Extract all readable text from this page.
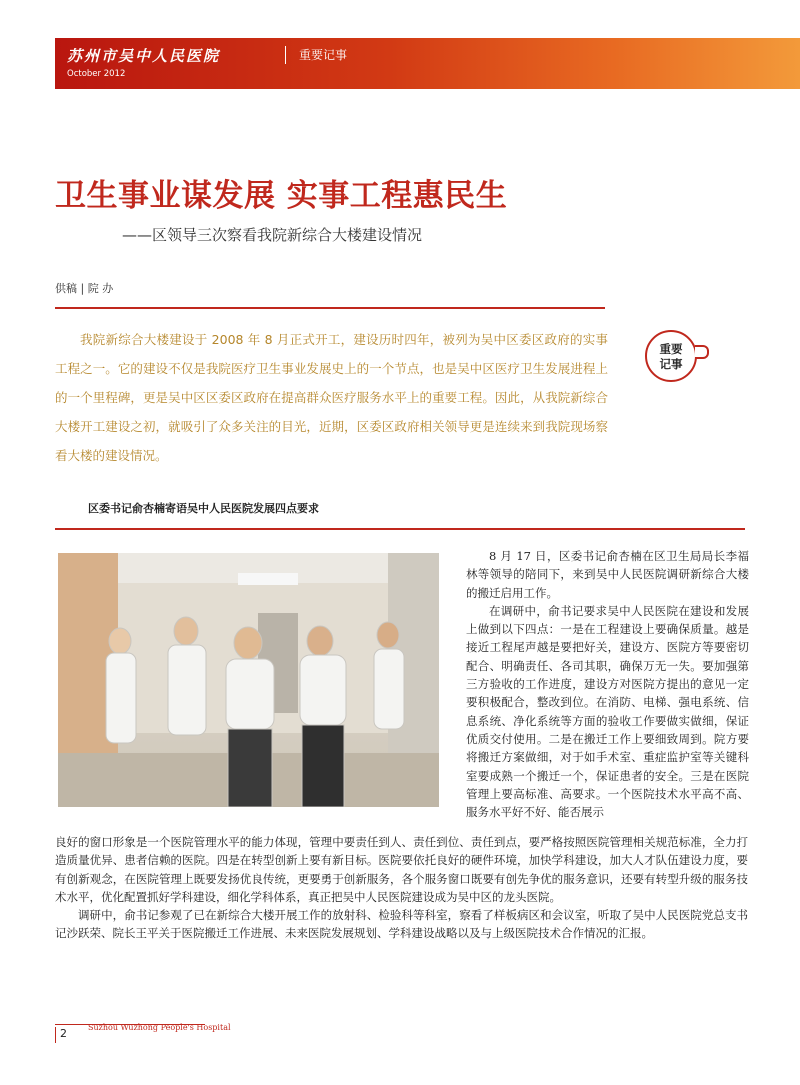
苏州市吴中人民医院	重要记事
October 2012
卫生事业谋发展 实事工程惠民生
——区领导三次察看我院新综合大楼建设情况
供稿 | 院 办

我院新综合大楼建设于 2008 年 8 月正式开工，建设历时四年，被列为吴中区委区政府的实事工程之一。它的建设不仅是我院医疗卫生事业发展史上的一个节点，也是吴中区医疗卫生发展进程上的一个里程碑，更是吴中区区委区政府在提高群众医疗服务水平上的重要工程。因此，从我院新综合大楼开工建设之初，就吸引了众多关注的目光，近期，区委区政府相关领导更是连续来到我院现场察看大楼的建设情况。

重要
记事
区委书记俞杏楠寄语吴中人民医院发展四点要求

8 月 17 日，区委书记俞杏楠在区卫生局局长李福林等领导的陪同下，来到吴中人民医院调研新综合大楼的搬迁启用工作。

在调研中，俞书记要求吴中人民医院在建设和发展上做到以下四点：一是在工程建设上要确保质量。越是接近工程尾声越是要把好关，建设方、医院方等要密切配合、明确责任、各司其职，确保万无一失。要加强第三方验收的工作进度，建设方对医院方提出的意见一定要积极配合，整改到位。在消防、电梯、强电系统、信息系统、净化系统等方面的验收工作要做实做细，保证优质交付使用。二是在搬迁工作上要细致周到。院方要将搬迁方案做细，对于如手术室、重症监护室等关键科室要成熟一个搬迁一个，保证患者的安全。三是在医院管理上要高标准、高要求。一个医院技术水平高不高、服务水平好不好、能否展示

良好的窗口形象是一个医院管理水平的能力体现，管理中要责任到人、责任到位、责任到点，要严格按照医院管理相关规范标准，全力打造质量优异、患者信赖的医院。四是在转型创新上要有新目标。医院要依托良好的硬件环境，加快学科建设，加大人才队伍建设力度，要有创新观念，在医院管理上既要发扬优良传统，更要勇于创新服务，各个服务窗口既要有创先争优的服务意识，还要有转型升级的服务技术水平，优化配置抓好学科建设，细化学科体系，真正把吴中人民医院建设成为吴中区的龙头医院。

调研中，俞书记参观了已在新综合大楼开展工作的放射科、检验科等科室，察看了样板病区和会议室，听取了吴中人民医院党总支书记沙跃荣、院长王平关于医院搬迁工作进展、未来医院发展规划、学科建设战略以及与上级医院技术合作情况的汇报。

2	Suzhou Wuzhong People's Hospital
